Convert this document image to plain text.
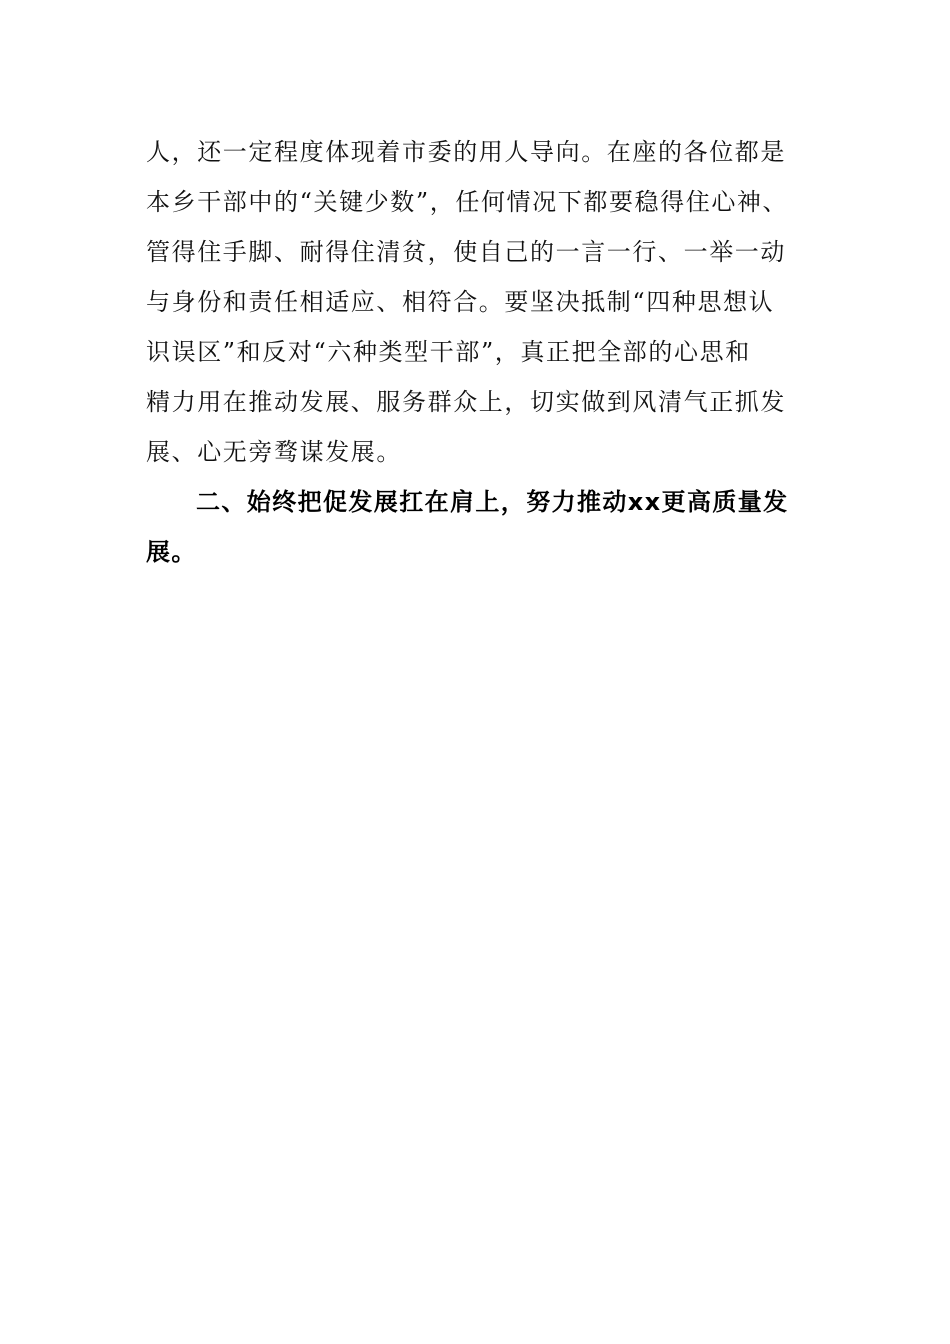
人，还一定程度体现着市委的用人导向。在座的各位都是
本乡干部中的“关键少数”，任何情况下都要稳得住心神、
管得住手脚、耐得住清贫，使自己的一言一行、一举一动
与身份和责任相适应、相符合。要坚决抵制“四种思想认
识误区”和反对“六种类型干部”，真正把全部的心思和
精力用在推动发展、服务群众上，切实做到风清气正抓发
展、心无旁骛谋发展。

二、始终把促发展扛在肩上，努力推动xx更高质量发
展。
